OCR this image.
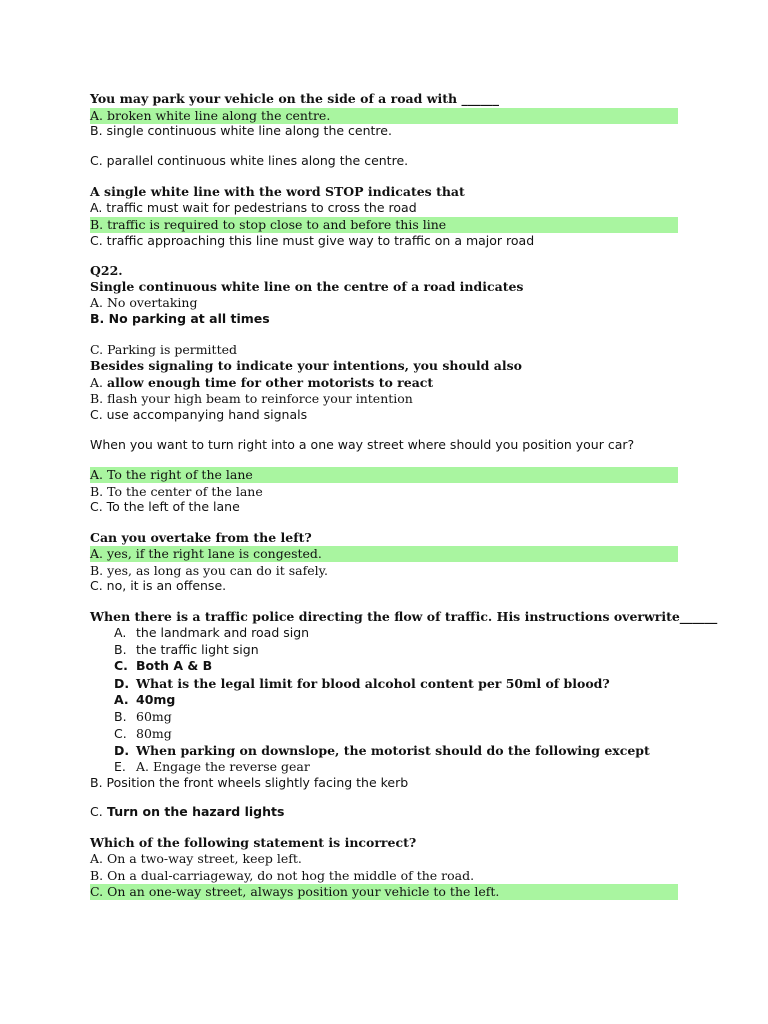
You may park your vehicle on the side of a road with ______
A. broken white line along the centre.
B. single continuous white line along the centre.
C. parallel continuous white lines along the centre.
A single white line with the word STOP indicates that
A. traffic must wait for pedestrians to cross the road
B. traffic is required to stop close to and before this line
C. traffic approaching this line must give way to traffic on a major road
Q22.
Single continuous white line on the centre of a road indicates
A. No overtaking
B. No parking at all times
C. Parking is permitted
Besides signaling to indicate your intentions, you should also
A. allow enough time for other motorists to react
B. flash your high beam to reinforce your intention
C. use accompanying hand signals
When you want to turn right into a one way street where should you position your car?
A. To the right of the lane
B. To the center of the lane
C. To the left of the lane
Can you overtake from the left?
A. yes, if the right lane is congested.
B. yes, as long as you can do it safely.
C. no, it is an offense.
When there is a traffic police directing the flow of traffic. His instructions overwrite______
A. the landmark and road sign
B. the traffic light sign
C. Both A & B
D. What is the legal limit for blood alcohol content per 50ml of blood?
A. 40mg
B. 60mg
C. 80mg
D. When parking on downslope, the motorist should do the following except
E. A. Engage the reverse gear
B. Position the front wheels slightly facing the kerb
C. Turn on the hazard lights
Which of the following statement is incorrect?
A. On a two-way street, keep left.
B. On a dual-carriageway, do not hog the middle of the road.
C. On an one-way street, always position your vehicle to the left.
